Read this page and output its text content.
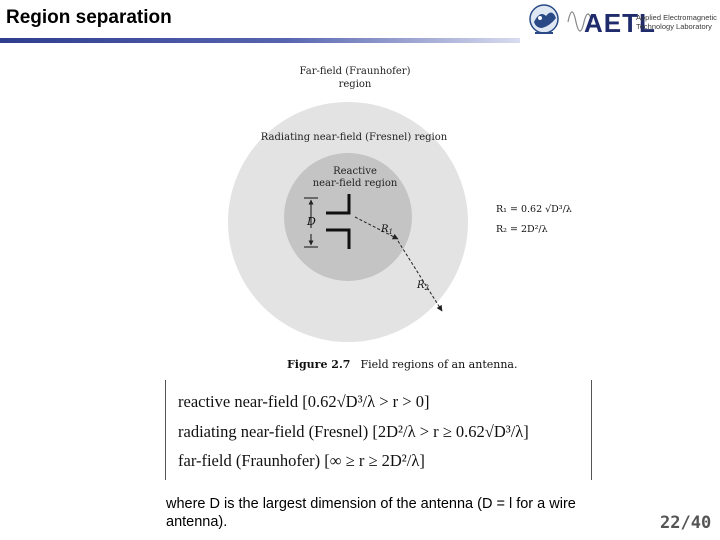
Region separation	AETL
Applied Electromagnetic
Technology Laboratory
Far-field (Fraunhofer)
region
Radiating near-field (Fresnel) region
Reactive
near-field region
D
$R_1$
$R_2$
R₁ = 0.62 √D³/λ
R₂ = 2D²/λ
Figure 2.7 Field regions of an antenna.
reactive near-field [0.62√D³/λ > r > 0]
radiating near-field (Fresnel) [2D²/λ > r ≥ 0.62√D³/λ]
far-field (Fraunhofer) [∞ ≥ r ≥ 2D²/λ]
where D is the largest dimension of the antenna (D = l for a wire antenna).	22/40
